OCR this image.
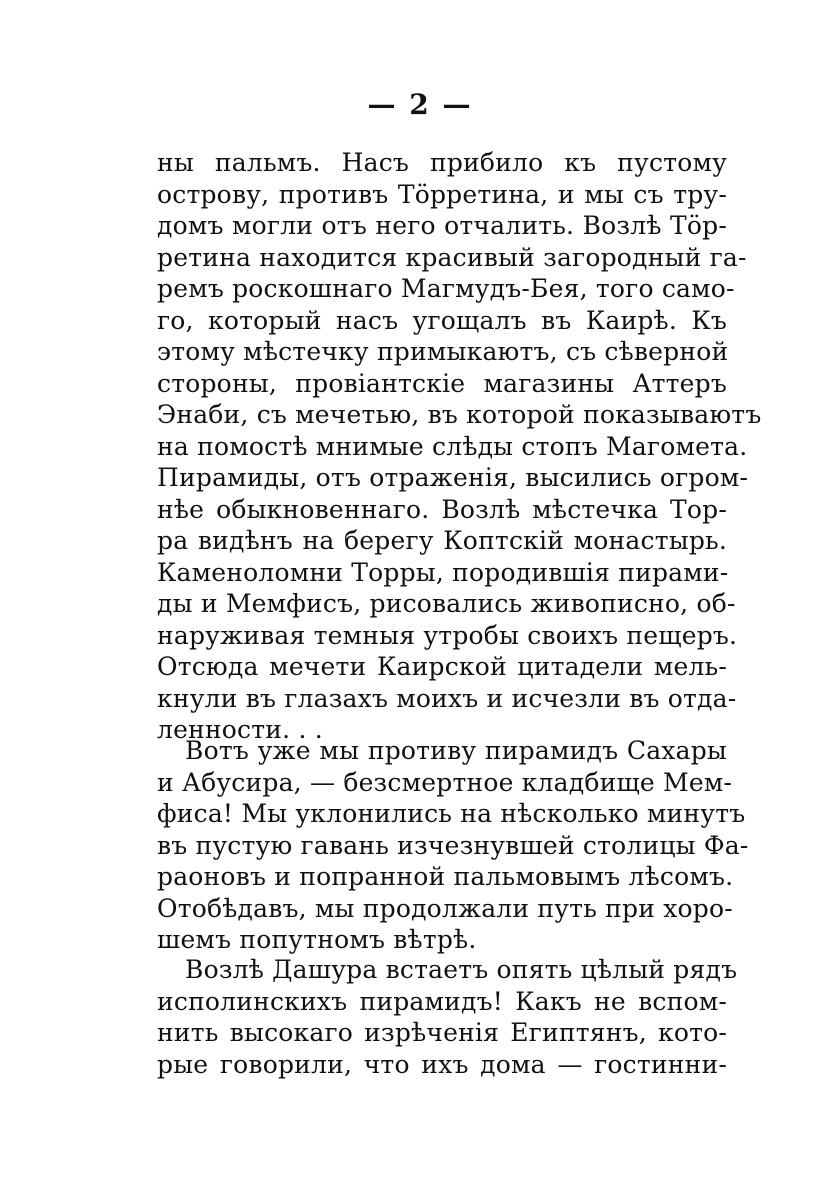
— 2 —
ны пальмъ. Насъ прибило къ пустому
острову, противъ Тöрретина, и мы съ тру-
домъ могли отъ него отчалить. Возлѣ Тöр-
ретина находится красивый загородный га-
ремъ роскошнаго Магмудъ-Бея, того само-
го, который насъ угощалъ въ Каирѣ. Къ
этому мѣстечку примыкаютъ, съ сѣверной
стороны, провiантскiе магазины Аттеръ
Энаби, съ мечетью, въ которой показываютъ
на помостѣ мнимые слѣды стопъ Магомета.
Пирамиды, отъ отраженiя, высились огром-
нѣе обыкновеннаго. Возлѣ мѣстечка Тор-
ра видѣнъ на берегу Коптскiй монастырь.
Каменоломни Торры, породившiя пирами-
ды и Мемфисъ, рисовались живописно, об-
наруживая темныя утробы своихъ пещеръ.
Отсюда мечети Каирской цитадели мель-
кнули въ глазахъ моихъ и исчезли въ отда-
ленности. . .
Вотъ уже мы противу пирамидъ Сахары
и Абусира, — безсмертное кладбище Мем-
фиса! Мы уклонились на нѣсколько минутъ
въ пустую гавань изчезнувшей столицы Фа-
раоновъ и попранной пальмовымъ лѣсомъ.
Отобѣдавъ, мы продолжали путь при хоро-
шемъ попутномъ вѣтрѣ.
Возлѣ Дашура встаетъ опять цѣлый рядъ
исполинскихъ пирамидъ! Какъ не вспом-
нить высокаго изрѣченiя Египтянъ, кото-
рые говорили, что ихъ дома — гостинни-
